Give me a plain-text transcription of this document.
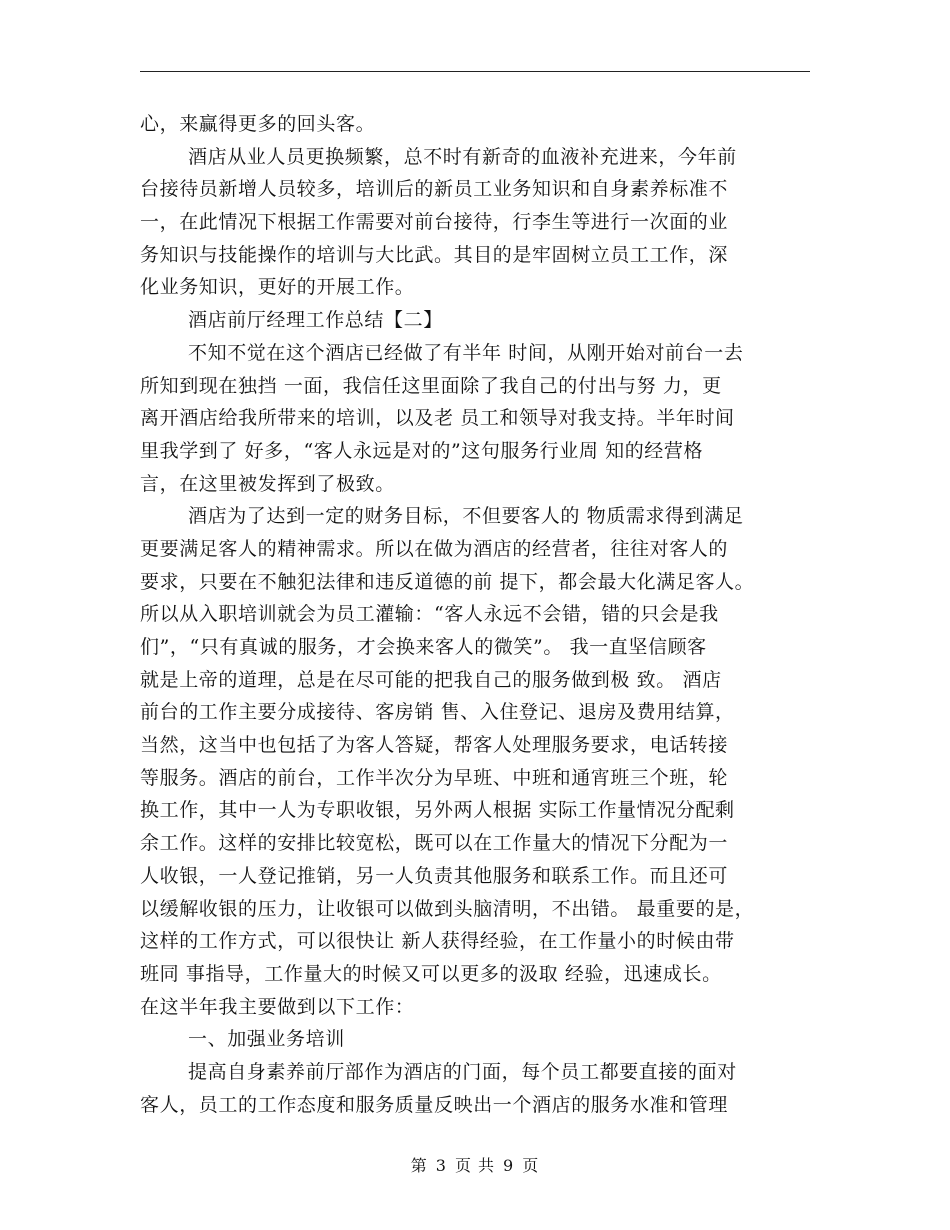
心，来赢得更多的回头客。
酒店从业人员更换频繁，总不时有新奇的血液补充进来，今年前
台接待员新增人员较多，培训后的新员工业务知识和自身素养标准不
一，在此情况下根据工作需要对前台接待，行李生等进行一次面的业
务知识与技能操作的培训与大比武。其目的是牢固树立员工工作，深
化业务知识，更好的开展工作。
酒店前厅经理工作总结【二】
不知不觉在这个酒店已经做了有半年 时间，从刚开始对前台一去
所知到现在独挡 一面，我信任这里面除了我自己的付出与努 力，更
离开酒店给我所带来的培训，以及老 员工和领导对我支持。半年时间
里我学到了 好多，“客人永远是对的”这句服务行业周 知的经营格
言，在这里被发挥到了极致。
酒店为了达到一定的财务目标，不但要客人的 物质需求得到满足
更要满足客人的精神需求。所以在做为酒店的经营者，往往对客人的
要求，只要在不触犯法律和违反道德的前 提下，都会最大化满足客人。
所以从入职培训就会为员工灌输：“客人永远不会错，错的只会是我
们”，“只有真诚的服务，才会换来客人的微笑”。 我一直坚信顾客
就是上帝的道理，总是在尽可能的把我自己的服务做到极 致。 酒店
前台的工作主要分成接待、客房销 售、入住登记、退房及费用结算，
当然，这当中也包括了为客人答疑，帮客人处理服务要求，电话转接
等服务。酒店的前台，工作半次分为早班、中班和通宵班三个班，轮
换工作，其中一人为专职收银，另外两人根据 实际工作量情况分配剩
余工作。这样的安排比较宽松，既可以在工作量大的情况下分配为一
人收银，一人登记推销，另一人负责其他服务和联系工作。而且还可
以缓解收银的压力，让收银可以做到头脑清明，不出错。 最重要的是，
这样的工作方式，可以很快让 新人获得经验，在工作量小的时候由带
班同 事指导，工作量大的时候又可以更多的汲取 经验，迅速成长。
在这半年我主要做到以下工作：
一、加强业务培训
提高自身素养前厅部作为酒店的门面，每个员工都要直接的面对
客人，员工的工作态度和服务质量反映出一个酒店的服务水准和管理
第 3 页 共 9 页
